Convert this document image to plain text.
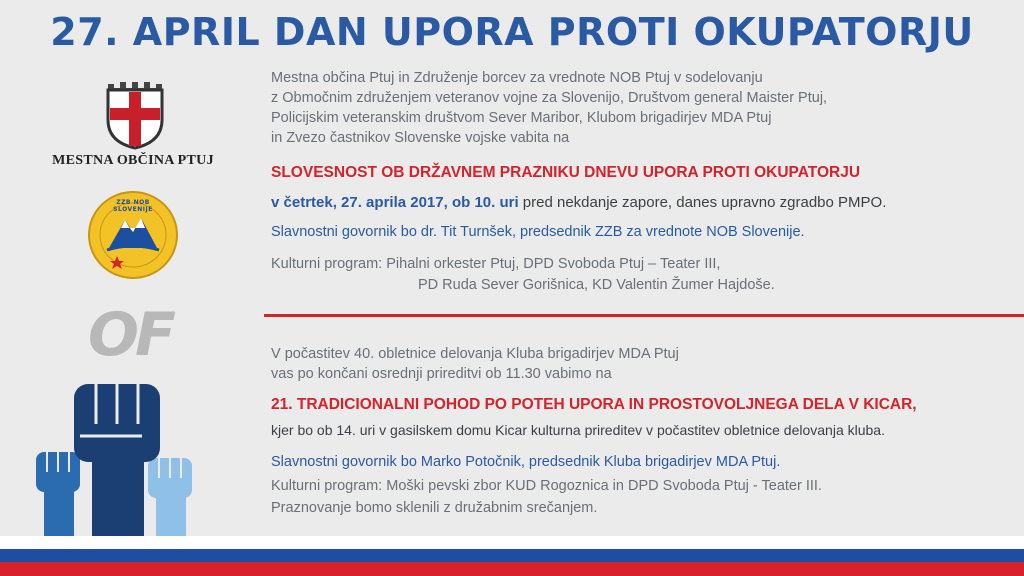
27. APRIL DAN UPORA PROTI OKUPATORJU
MESTNA OBČINA PTUJ
ZZB NOB SLOVENIJE
OF
Mestna občina Ptuj in Združenje borcev za vrednote NOB Ptuj v sodelovanju
z Območnim združenjem veteranov vojne za Slovenijo, Društvom general Maister Ptuj,
Policijskim veteranskim društvom Sever Maribor, Klubom brigadirjev MDA Ptuj
in Zvezo častnikov Slovenske vojske vabita na
SLOVESNOST OB DRŽAVNEM PRAZNIKU DNEVU UPORA PROTI OKUPATORJU
v četrtek, 27. aprila 2017, ob 10. uri pred nekdanje zapore, danes upravno zgradbo PMPO.
Slavnostni govornik bo dr. Tit Turnšek, predsednik ZZB za vrednote NOB Slovenije.
Kulturni program: Pihalni orkester Ptuj, DPD Svoboda Ptuj – Teater III,
PD Ruda Sever Gorišnica, KD Valentin Žumer Hajdoše.
V počastitev 40. obletnice delovanja Kluba brigadirjev MDA Ptuj
vas po končani osrednji prireditvi ob 11.30 vabimo na
21. TRADICIONALNI POHOD PO POTEH UPORA IN PROSTOVOLJNEGA DELA V KICAR,
kjer bo ob 14. uri v gasilskem domu Kicar kulturna prireditev v počastitev obletnice delovanja kluba.
Slavnostni govornik bo Marko Potočnik, predsednik Kluba brigadirjev MDA Ptuj.
Kulturni program: Moški pevski zbor KUD Rogoznica in DPD Svoboda Ptuj - Teater III.
Praznovanje bomo sklenili z družabnim srečanjem.
